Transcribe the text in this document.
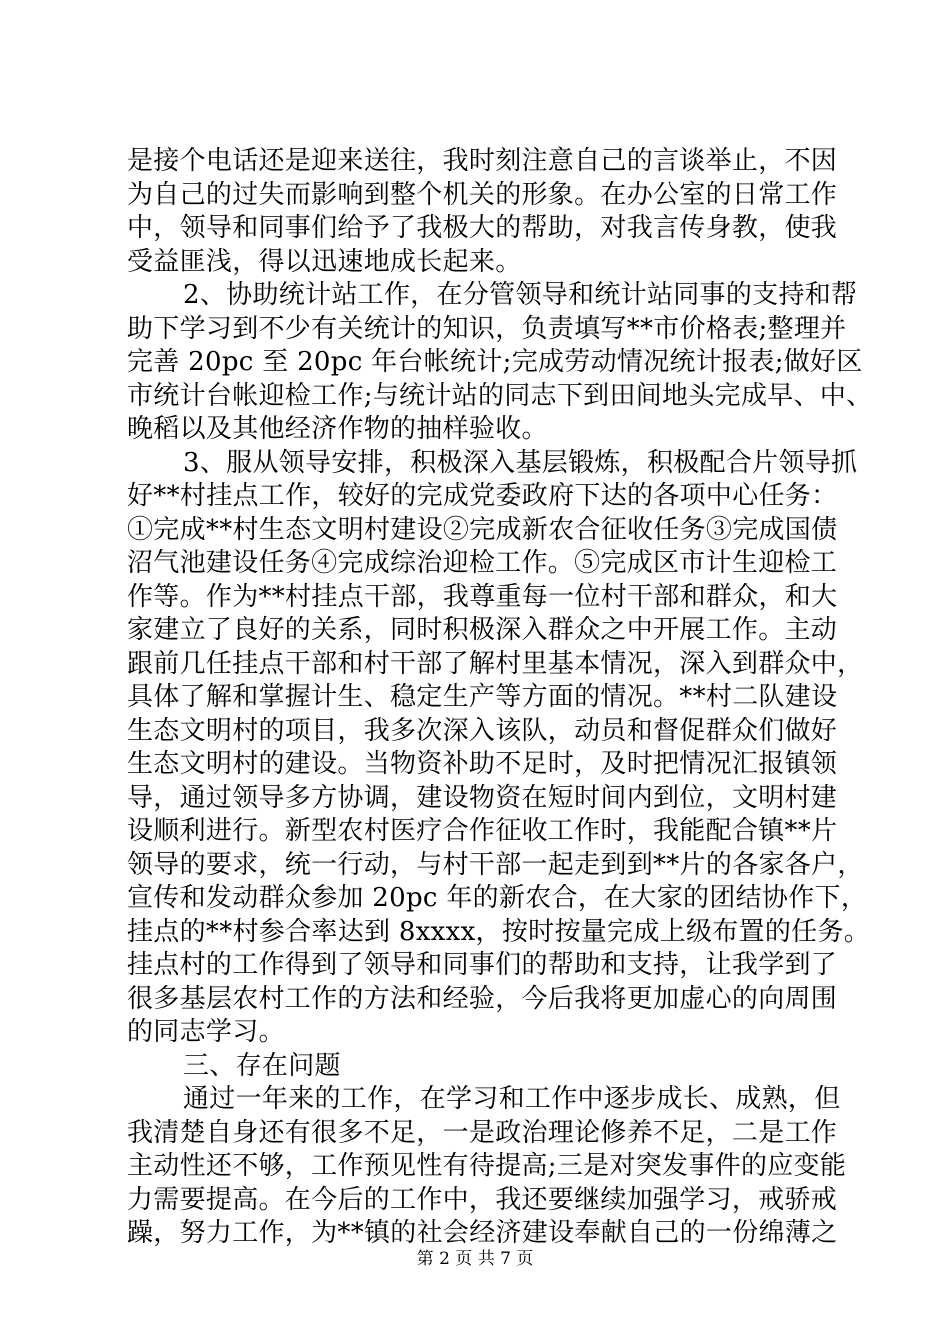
是接个电话还是迎来送往，我时刻注意自己的言谈举止，不因
为自己的过失而影响到整个机关的形象。在办公室的日常工作
中，领导和同事们给予了我极大的帮助，对我言传身教，使我
受益匪浅，得以迅速地成长起来。
2、协助统计站工作，在分管领导和统计站同事的支持和帮
助下学习到不少有关统计的知识，负责填写**市价格表;整理并
完善 20pc 至 20pc 年台帐统计;完成劳动情况统计报表;做好区
市统计台帐迎检工作;与统计站的同志下到田间地头完成早、中、
晚稻以及其他经济作物的抽样验收。
3、服从领导安排，积极深入基层锻炼，积极配合片领导抓
好**村挂点工作，较好的完成党委政府下达的各项中心任务：
①完成**村生态文明村建设②完成新农合征收任务③完成国债
沼气池建设任务④完成综治迎检工作。⑤完成区市计生迎检工
作等。作为**村挂点干部，我尊重每一位村干部和群众，和大
家建立了良好的关系，同时积极深入群众之中开展工作。主动
跟前几任挂点干部和村干部了解村里基本情况，深入到群众中，
具体了解和掌握计生、稳定生产等方面的情况。**村二队建设
生态文明村的项目，我多次深入该队，动员和督促群众们做好
生态文明村的建设。当物资补助不足时，及时把情况汇报镇领
导，通过领导多方协调，建设物资在短时间内到位，文明村建
设顺利进行。新型农村医疗合作征收工作时，我能配合镇**片
领导的要求，统一行动，与村干部一起走到到**片的各家各户，
宣传和发动群众参加 20pc 年的新农合，在大家的团结协作下，
挂点的**村参合率达到 8xxxx，按时按量完成上级布置的任务。
挂点村的工作得到了领导和同事们的帮助和支持，让我学到了
很多基层农村工作的方法和经验，今后我将更加虚心的向周围
的同志学习。
三、存在问题
通过一年来的工作，在学习和工作中逐步成长、成熟，但
我清楚自身还有很多不足，一是政治理论修养不足，二是工作
主动性还不够，工作预见性有待提高;三是对突发事件的应变能
力需要提高。在今后的工作中，我还要继续加强学习，戒骄戒
躁，努力工作，为**镇的社会经济建设奉献自己的一份绵薄之
第 2 页 共 7 页
